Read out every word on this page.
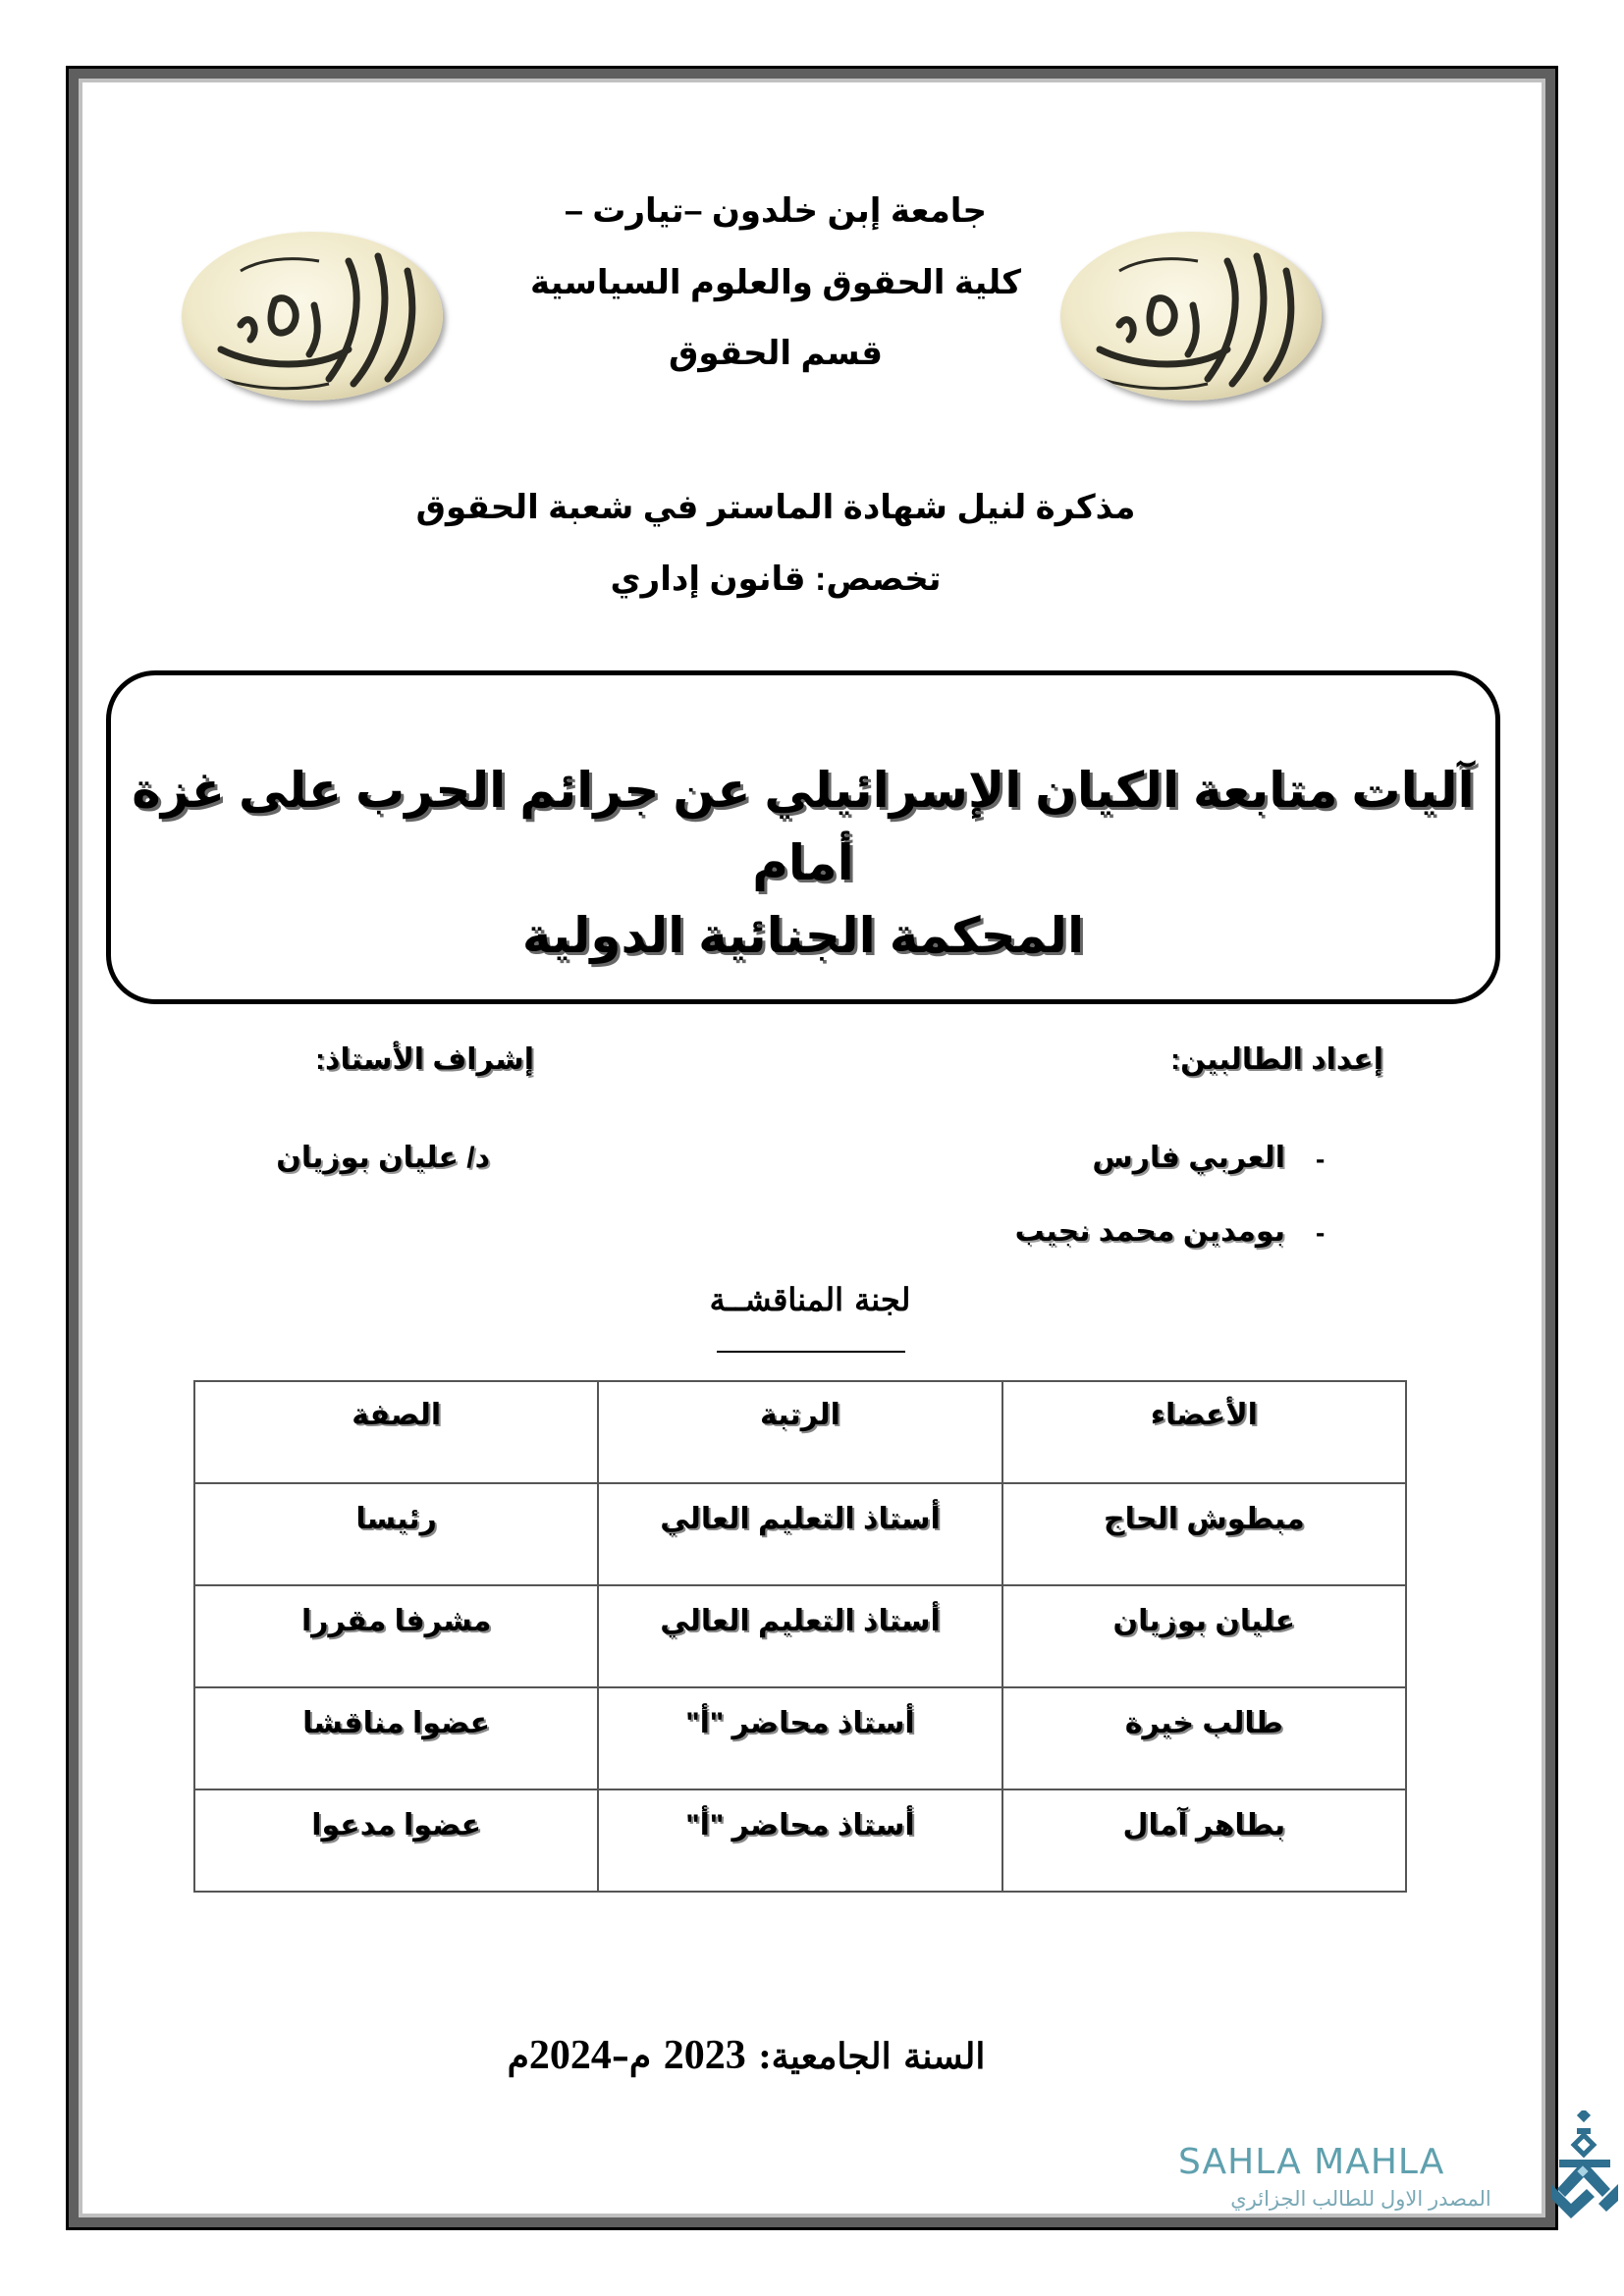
جامعة إبن خلدون –تيارت –
كلية الحقوق والعلوم السياسية
قسم الحقوق
مذكرة لنيل شهادة الماستر في شعبة الحقوق
تخصص: قانون إداري
آليات متابعة الكيان الإسرائيلي عن جرائم الحرب على غزة أمام
المحكمة الجنائية الدولية
إعداد الطالبين:
إشراف الأستاذ:
-
العربي فارس
-
بومدين محمد نجيب
د/ عليان بوزيان
لجنة المناقشــة
الأعضاء	الرتبة	الصفة
مبطوش الحاج	أستاذ التعليم العالي	رئيسا
عليان بوزيان	أستاذ التعليم العالي	مشرفا مقررا
طالب خيرة	أستاذ محاضر "أ"	عضوا مناقشا
بطاهر آمال	أستاذ محاضر "أ"	عضوا مدعوا
السنة الجامعية: 2023 م–2024م
SAHLA MAHLA
المصدر الاول للطالب الجزائري
